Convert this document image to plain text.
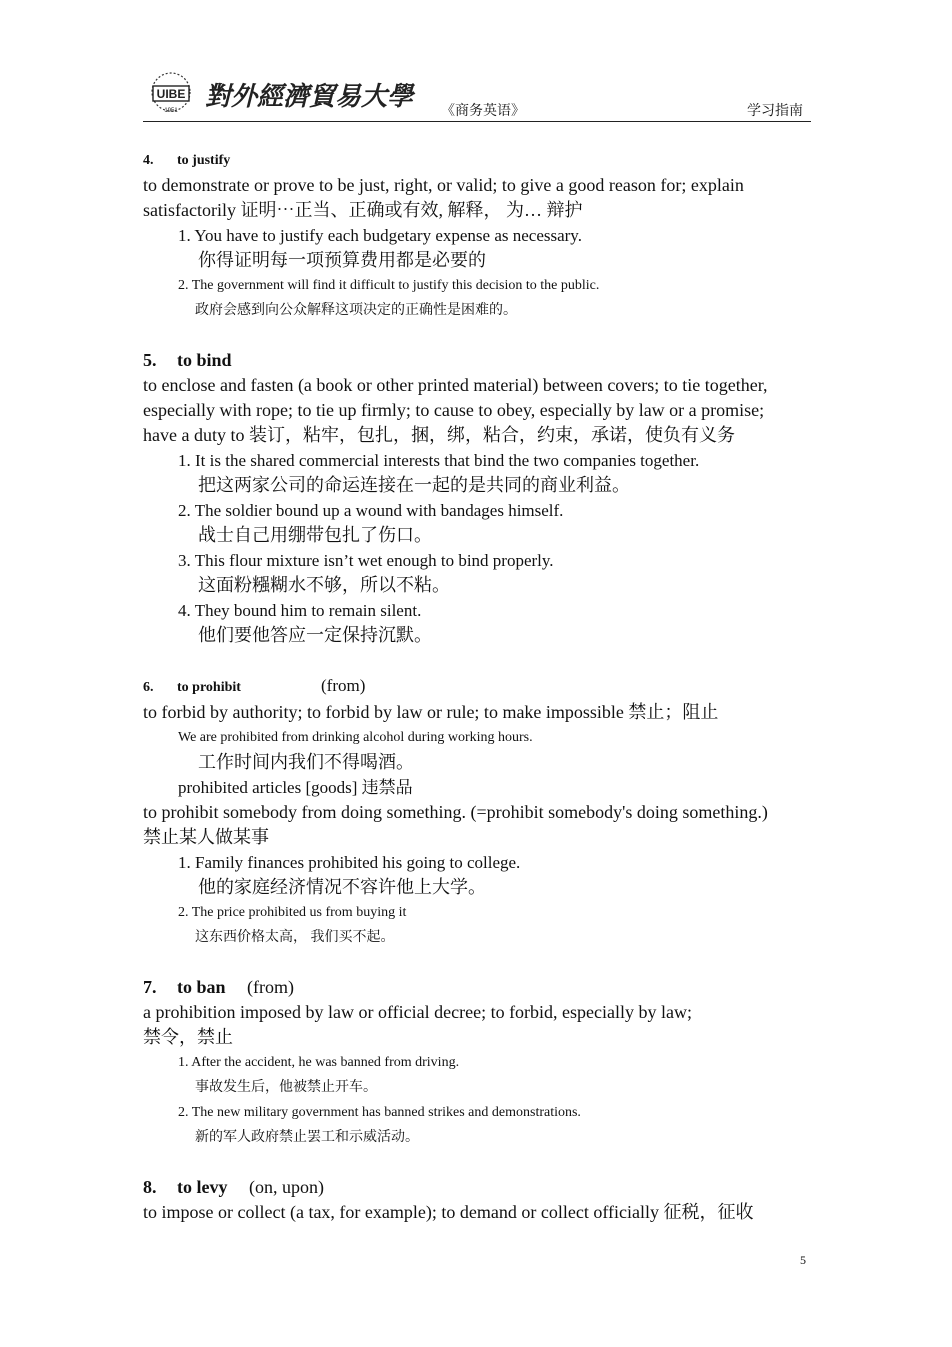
UIBE
1951 對外經濟貿易大學 《商务英语》	学习指南
4. to justify
to demonstrate or prove to be just, right, or valid; to give a good reason for; explain
satisfactorily 证明⋯正当、正确或有效, 解释， 为… 辩护
1. You have to justify each budgetary expense as necessary.
你得证明每一项预算费用都是必要的
2. The government will find it difficult to justify this decision to the public.
政府会感到向公众解释这项决定的正确性是困难的。
5. to bind
to enclose and fasten (a book or other printed material) between covers; to tie together,
especially with rope; to tie up firmly; to cause to obey, especially by law or a promise;
have a duty to 装订，粘牢，包扎，捆，绑，粘合，约束，承诺，使负有义务
1. It is the shared commercial interests that bind the two companies together.
把这两家公司的命运连接在一起的是共同的商业利益。
2. The soldier bound up a wound with bandages himself.
战士自己用绷带包扎了伤口。
3. This flour mixture isn’t wet enough to bind properly.
这面粉糨糊水不够，所以不粘。
4. They bound him to remain silent.
他们要他答应一定保持沉默。
6. to prohibit	(from)
to forbid by authority; to forbid by law or rule; to make impossible 禁止；阻止
We are prohibited from drinking alcohol during working hours.
工作时间内我们不得喝酒。
prohibited articles [goods] 违禁品
to prohibit somebody from doing something. (=prohibit somebody's doing something.)
禁止某人做某事
1. Family finances prohibited his going to college.
他的家庭经济情况不容许他上大学。
2. The price prohibited us from buying it
这东西价格太高， 我们买不起。
7. to ban (from)
a prohibition imposed by law or official decree; to forbid, especially by law;
禁令，禁止
1. After the accident, he was banned from driving.
事故发生后，他被禁止开车。
2. The new military government has banned strikes and demonstrations.
新的军人政府禁止罢工和示威活动。
8. to levy (on, upon)
to impose or collect (a tax, for example); to demand or collect officially 征税，征收
5
